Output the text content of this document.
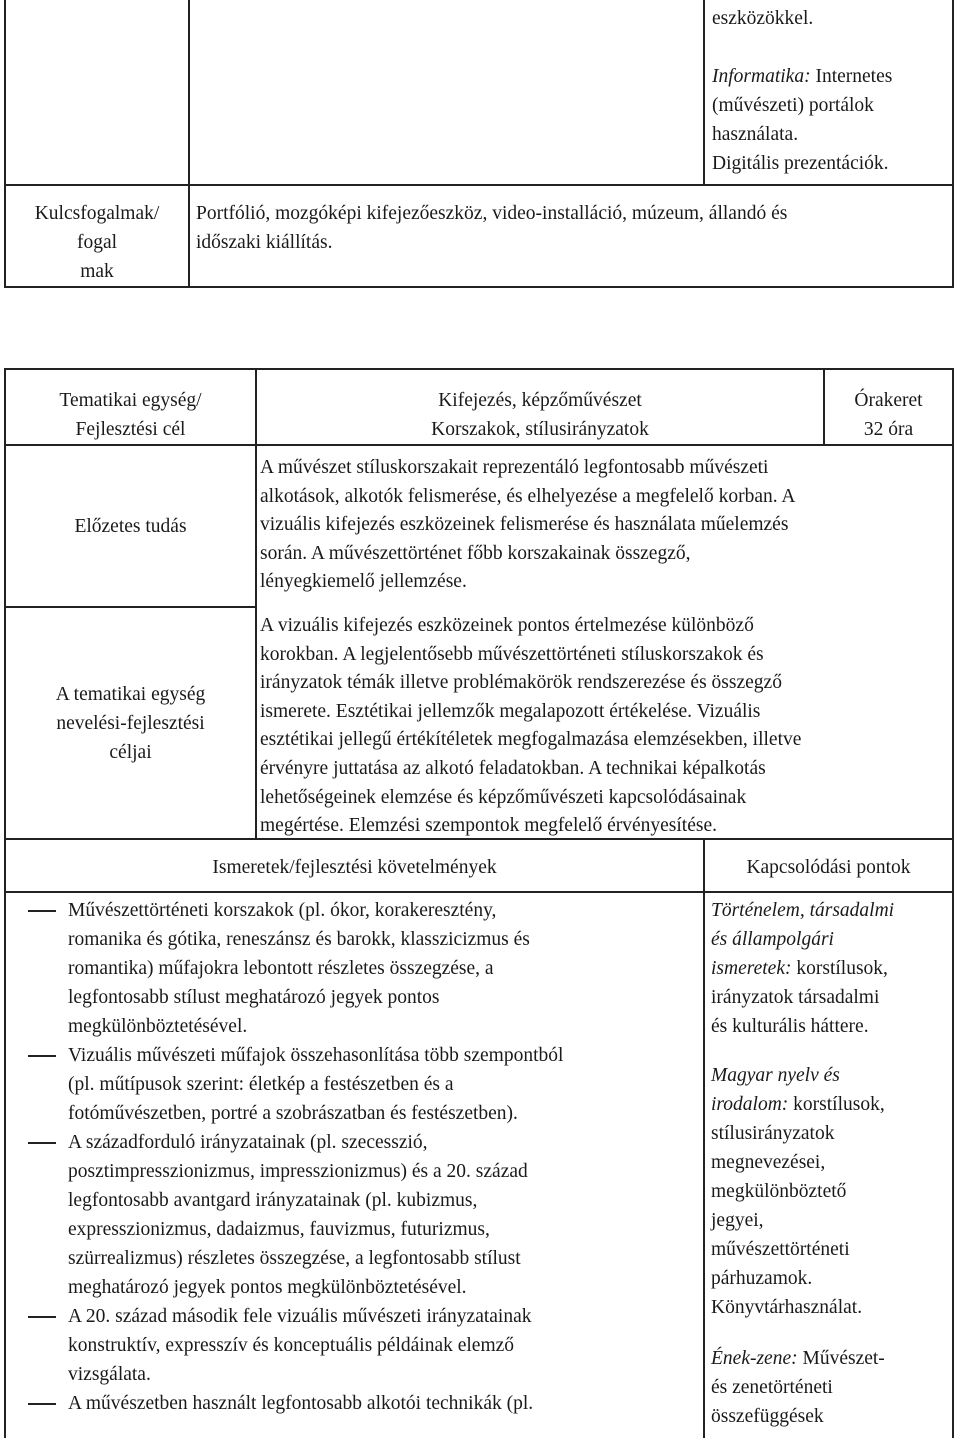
eszközökkel.
Informatika: Internetes
(művészeti) portálok
használata.
Digitális prezentációk.
Kulcsfogalmak/
fogal
mak
Portfólió, mozgóképi kifejezőeszköz, video-installáció, múzeum, állandó és
időszaki kiállítás.
Tematikai egység/
Fejlesztési cél
Kifejezés, képzőművészet
Korszakok, stílusirányzatok
Órakeret
32 óra
Előzetes tudás
A művészet stíluskorszakait reprezentáló legfontosabb művészeti
alkotások, alkotók felismerése, és elhelyezése a megfelelő korban. A
vizuális kifejezés eszközeinek felismerése és használata műelemzés
során. A művészettörténet főbb korszakainak összegző,
lényegkiemelő jellemzése.
A tematikai egység
nevelési-fejlesztési
céljai
A vizuális kifejezés eszközeinek pontos értelmezése különböző
korokban. A legjelentősebb művészettörténeti stíluskorszakok és
irányzatok témák illetve problémakörök rendszerezése és összegző
ismerete. Esztétikai jellemzők megalapozott értékelése. Vizuális
esztétikai jellegű értékítéletek megfogalmazása elemzésekben, illetve
érvényre juttatása az alkotó feladatokban. A technikai képalkotás
lehetőségeinek elemzése és képzőművészeti kapcsolódásainak
megértése. Elemzési szempontok megfelelő érvényesítése.
Ismeretek/fejlesztési követelmények	Kapcsolódási pontok
Művészettörténeti korszakok (pl. ókor, korakeresztény,
romanika és gótika, reneszánsz és barokk, klasszicizmus és
romantika) műfajokra lebontott részletes összegzése, a
legfontosabb stílust meghatározó jegyek pontos
megkülönböztetésével.
Vizuális művészeti műfajok összehasonlítása több szempontból
(pl. műtípusok szerint: életkép a festészetben és a
fotóművészetben, portré a szobrászatban és festészetben).
A századforduló irányzatainak (pl. szecesszió,
posztimpresszionizmus, impresszionizmus) és a 20. század
legfontosabb avantgard irányzatainak (pl. kubizmus,
expresszionizmus, dadaizmus, fauvizmus, futurizmus,
szürrealizmus) részletes összegzése, a legfontosabb stílust
meghatározó jegyek pontos megkülönböztetésével.
A 20. század második fele vizuális művészeti irányzatainak
konstruktív, expresszív és konceptuális példáinak elemző
vizsgálata.
A művészetben használt legfontosabb alkotói technikák (pl.

Történelem, társadalmi
és állampolgári
ismeretek: korstílusok,
irányzatok társadalmi
és kulturális háttere.

Magyar nyelv és
irodalom: korstílusok,
stílusirányzatok
megnevezései,
megkülönböztető
jegyei,
művészettörténeti
párhuzamok.
Könyvtárhasználat.

Ének-zene: Művészet-
és zenetörténeti
összefüggések
